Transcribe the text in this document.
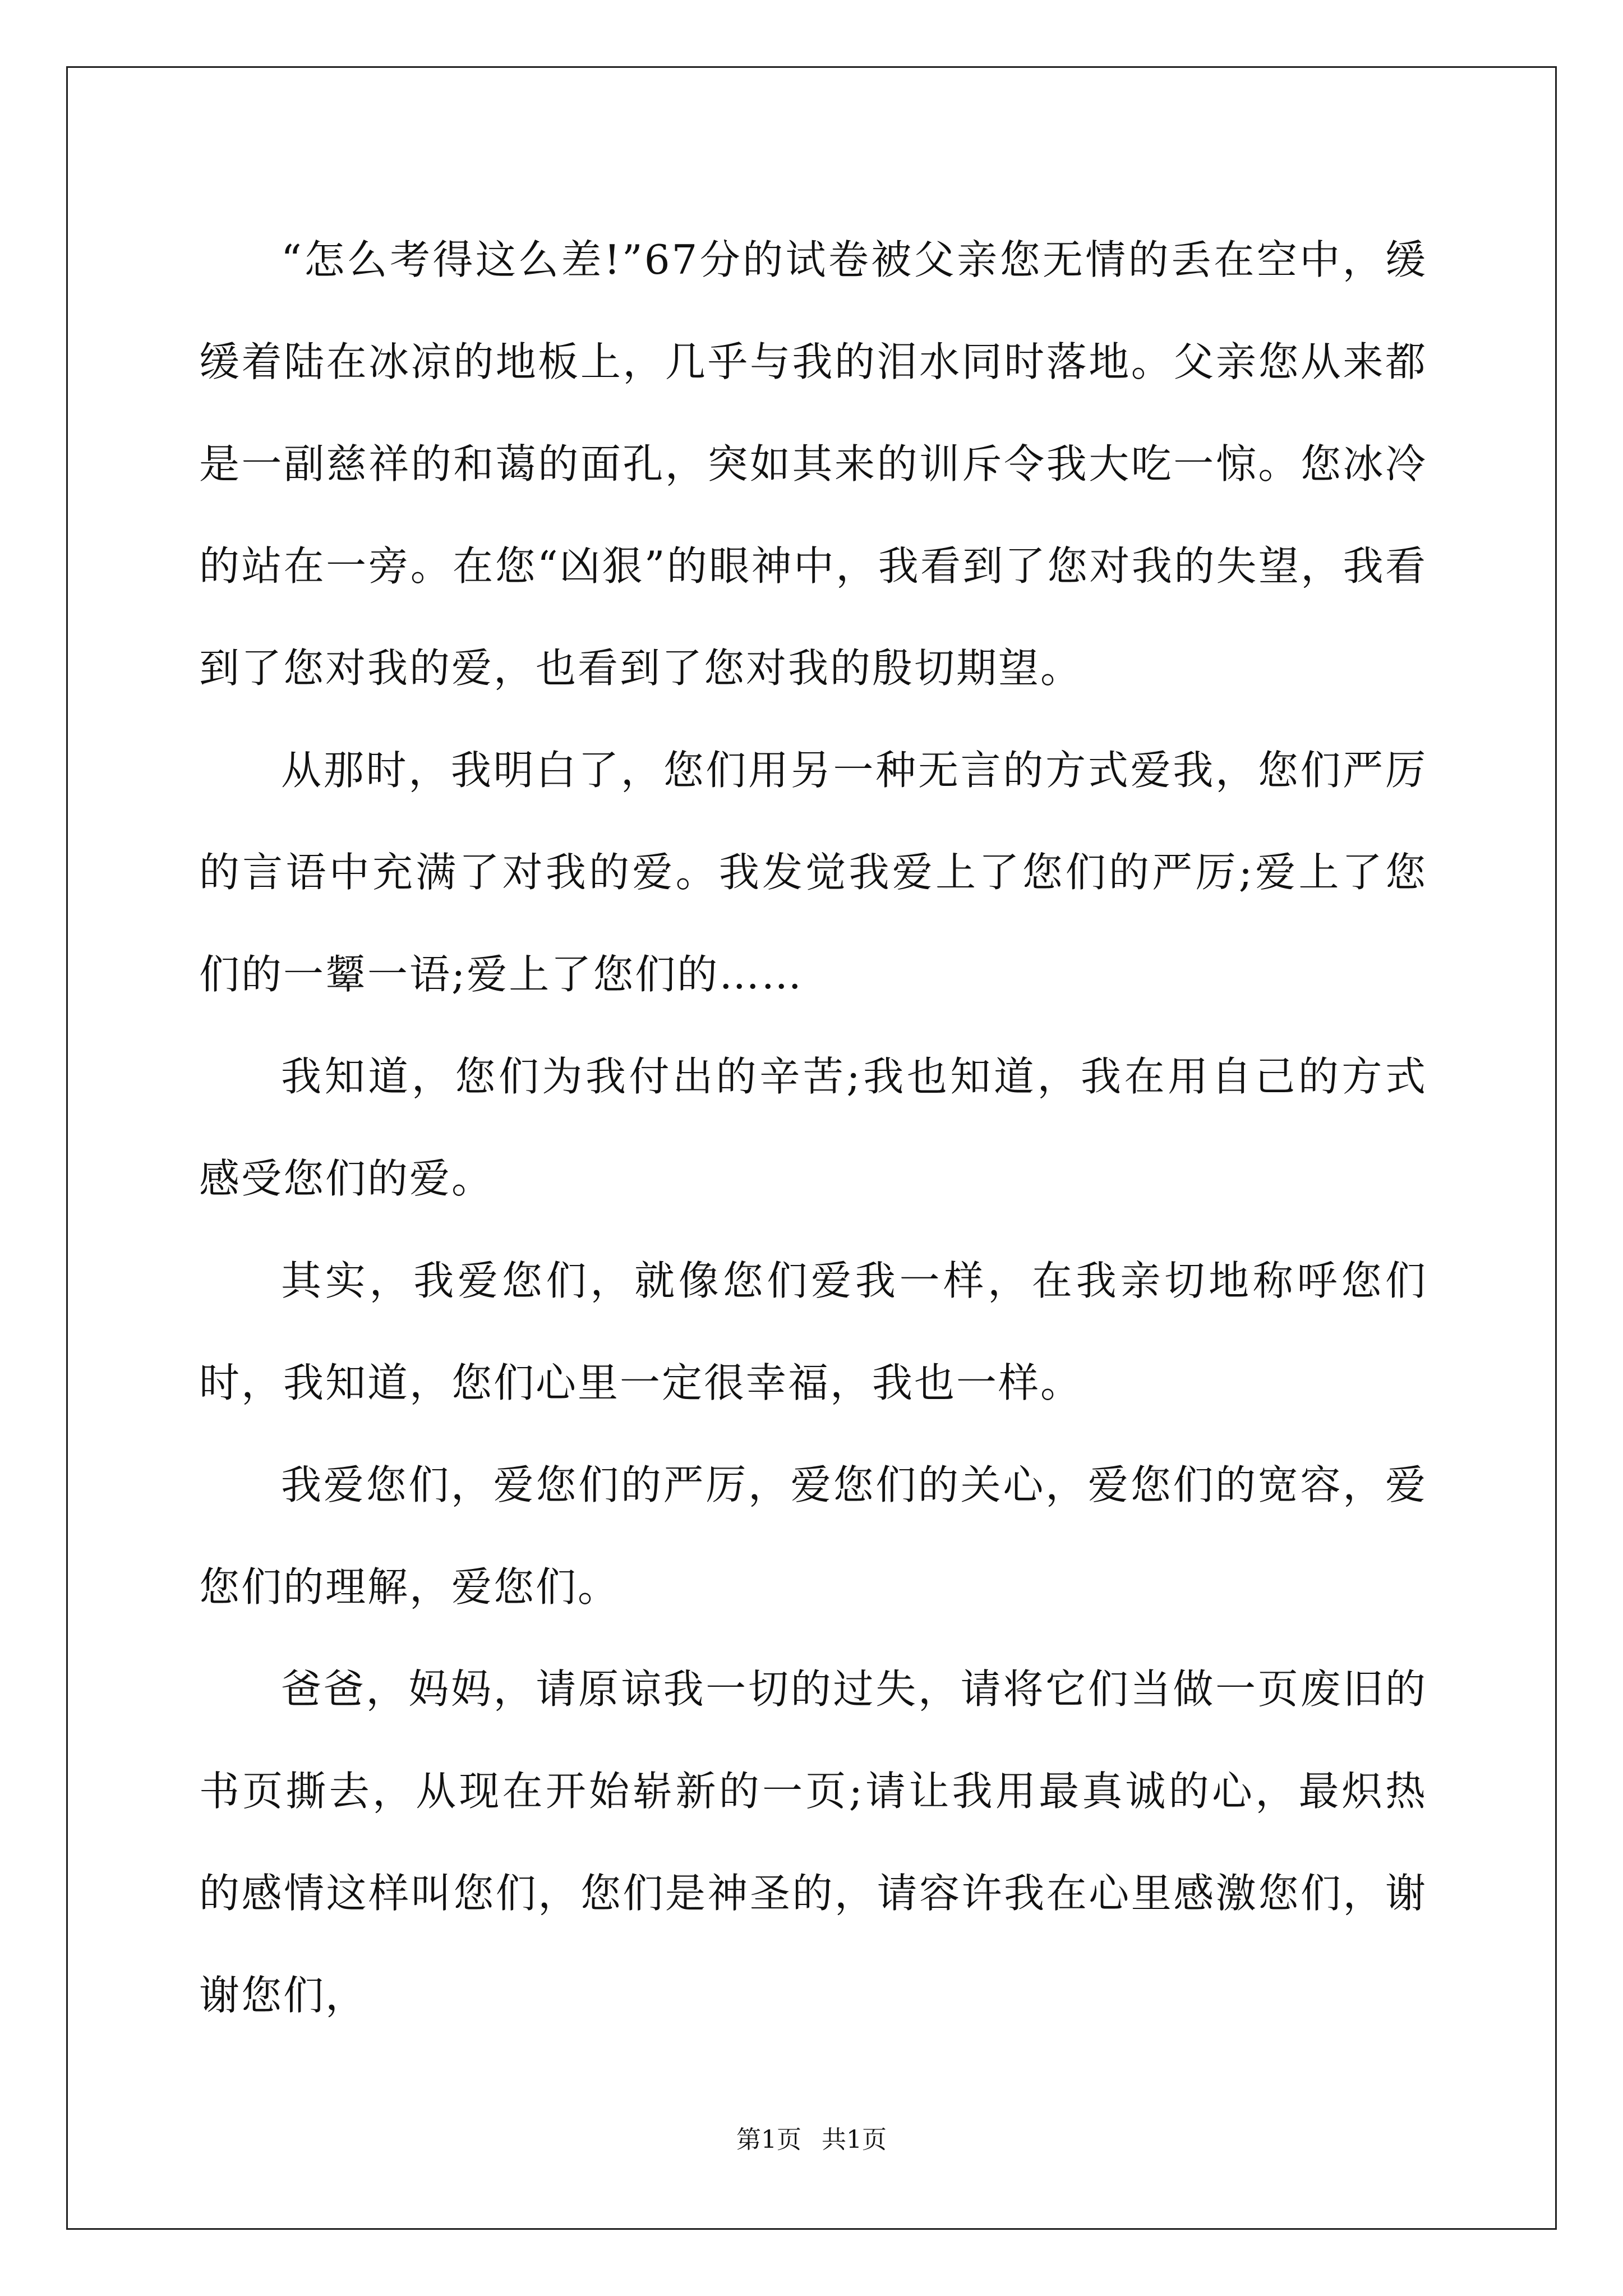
“怎么考得这么差!”67分的试卷被父亲您无情的丢在空中，缓缓着陆在冰凉的地板上，几乎与我的泪水同时落地。父亲您从来都是一副慈祥的和蔼的面孔，突如其来的训斥令我大吃一惊。您冰冷的站在一旁。在您“凶狠”的眼神中，我看到了您对我的失望，我看到了您对我的爱，也看到了您对我的殷切期望。

从那时，我明白了，您们用另一种无言的方式爱我，您们严厉的言语中充满了对我的爱。我发觉我爱上了您们的严厉;爱上了您们的一颦一语;爱上了您们的……

我知道，您们为我付出的辛苦;我也知道，我在用自己的方式感受您们的爱。

其实，我爱您们，就像您们爱我一样，在我亲切地称呼您们时，我知道，您们心里一定很幸福，我也一样。

我爱您们，爱您们的严厉，爱您们的关心，爱您们的宽容，爱您们的理解，爱您们。

爸爸，妈妈，请原谅我一切的过失，请将它们当做一页废旧的书页撕去，从现在开始崭新的一页;请让我用最真诚的心，最炽热的感情这样叫您们，您们是神圣的，请容许我在心里感激您们，谢谢您们，

第1页 共1页
